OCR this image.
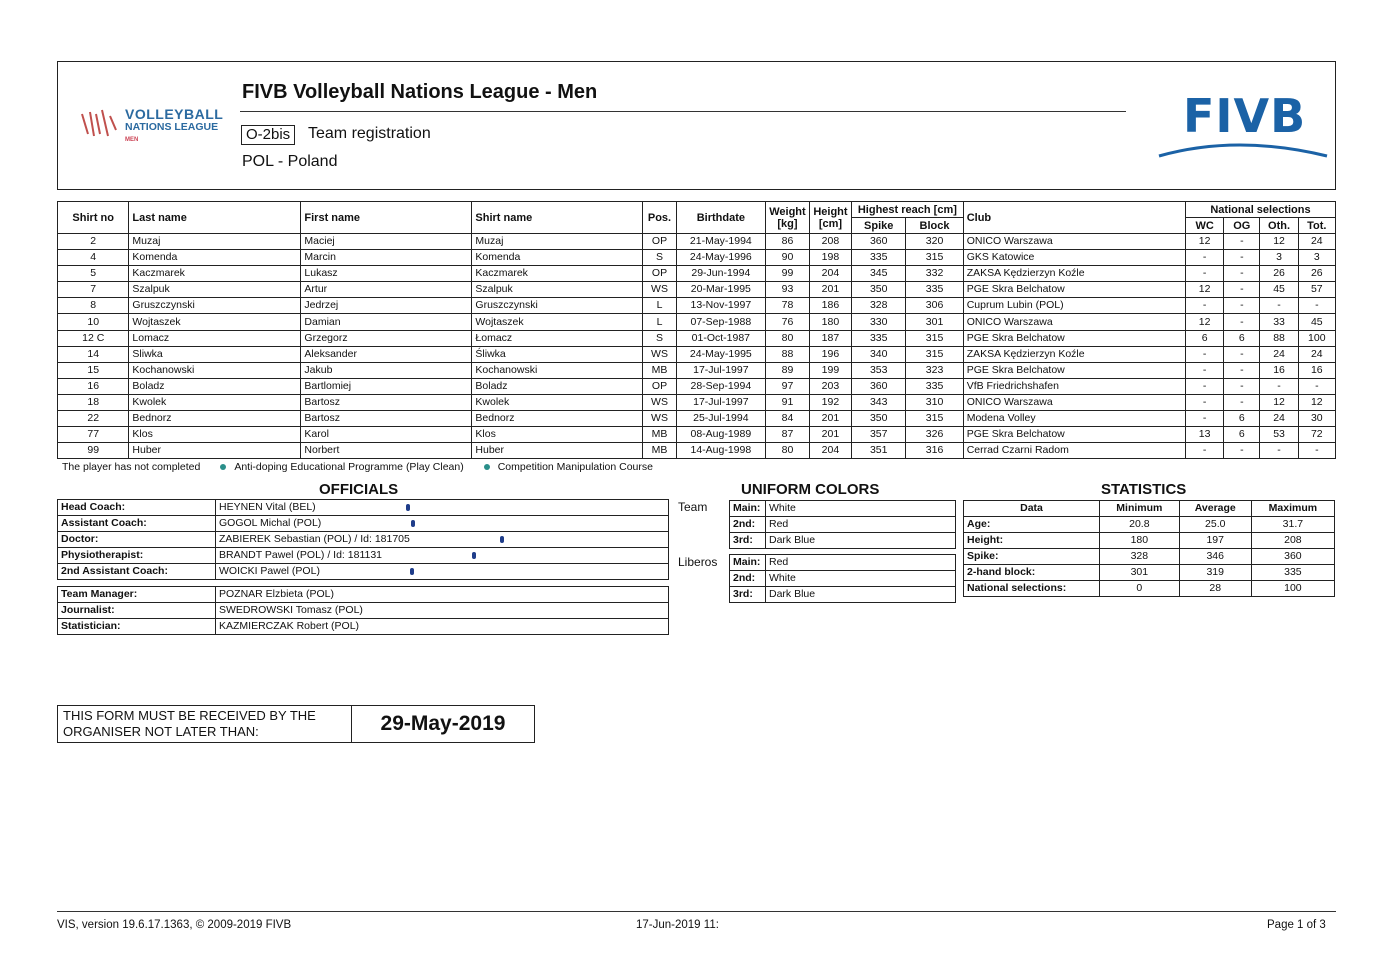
VOLLEYBALL
NATIONS LEAGUE
MEN
FIVB Volleyball Nations League - Men
O-2bis	Team registration
POL - Poland
FIVB
Shirt no	Last name	First name	Shirt name	Pos.	Birthdate	Weight [kg]	Height [cm]	Highest reach [cm]		Club	National selections			
								Spike	Block		WC	OG	Oth.	Tot.
2	Muzaj	Maciej	Muzaj	OP	21-May-1994	86	208	360	320	ONICO Warszawa	12	-	12	24
4	Komenda	Marcin	Komenda	S	24-May-1996	90	198	335	315	GKS Katowice	-	-	3	3
5	Kaczmarek	Lukasz	Kaczmarek	OP	29-Jun-1994	99	204	345	332	ZAKSA Kędzierzyn Koźle	-	-	26	26
7	Szalpuk	Artur	Szalpuk	WS	20-Mar-1995	93	201	350	335	PGE Skra Belchatow	12	-	45	57
8	Gruszczynski	Jedrzej	Gruszczynski	L	13-Nov-1997	78	186	328	306	Cuprum Lubin (POL)	-	-	-	-
10	Wojtaszek	Damian	Wojtaszek	L	07-Sep-1988	76	180	330	301	ONICO Warszawa	12	-	33	45
12 C	Lomacz	Grzegorz	Łomacz	S	01-Oct-1987	80	187	335	315	PGE Skra Belchatow	6	6	88	100
14	Sliwka	Aleksander	Śliwka	WS	24-May-1995	88	196	340	315	ZAKSA Kędzierzyn Koźle	-	-	24	24
15	Kochanowski	Jakub	Kochanowski	MB	17-Jul-1997	89	199	353	323	PGE Skra Belchatow	-	-	16	16
16	Boladz	Bartlomiej	Boladz	OP	28-Sep-1994	97	203	360	335	VfB Friedrichshafen	-	-	-	-
18	Kwolek	Bartosz	Kwolek	WS	17-Jul-1997	91	192	343	310	ONICO Warszawa	-	-	12	12
22	Bednorz	Bartosz	Bednorz	WS	25-Jul-1994	84	201	350	315	Modena Volley	-	6	24	30
77	Klos	Karol	Klos	MB	08-Aug-1989	87	201	357	326	PGE Skra Belchatow	13	6	53	72
99	Huber	Norbert	Huber	MB	14-Aug-1998	80	204	351	316	Cerrad Czarni Radom	-	-	-	-
The player has not completed	Anti-doping Educational Programme (Play Clean)	Competition Manipulation Course
OFFICIALS
Head Coach:	HEYNEN Vital (BEL)
Assistant Coach:	GOGOL Michal (POL)
Doctor:	ZABIEREK Sebastian (POL) / Id: 181705
Physiotherapist:	BRANDT Pawel (POL) / Id: 181131
2nd Assistant Coach:	WOICKI Pawel (POL)
Team Manager:	POZNAR Elzbieta (POL)
Journalist:	SWEDROWSKI Tomasz (POL)
Statistician:	KAZMIERCZAK Robert (POL)
UNIFORM COLORS
Team
Liberos
Main:	White
2nd:	Red
3rd:	Dark Blue
Main:	Red
2nd:	White
3rd:	Dark Blue
STATISTICS
Data	Minimum	Average	Maximum
Age:	20.8	25.0	31.7
Height:	180	197	208
Spike:	328	346	360
2-hand block:	301	319	335
National selections:	0	28	100
THIS FORM MUST BE RECEIVED BY THE ORGANISER NOT LATER THAN:	29-May-2019
VIS, version 19.6.17.1363, © 2009-2019 FIVB	17-Jun-2019 11:	Page 1 of 3
